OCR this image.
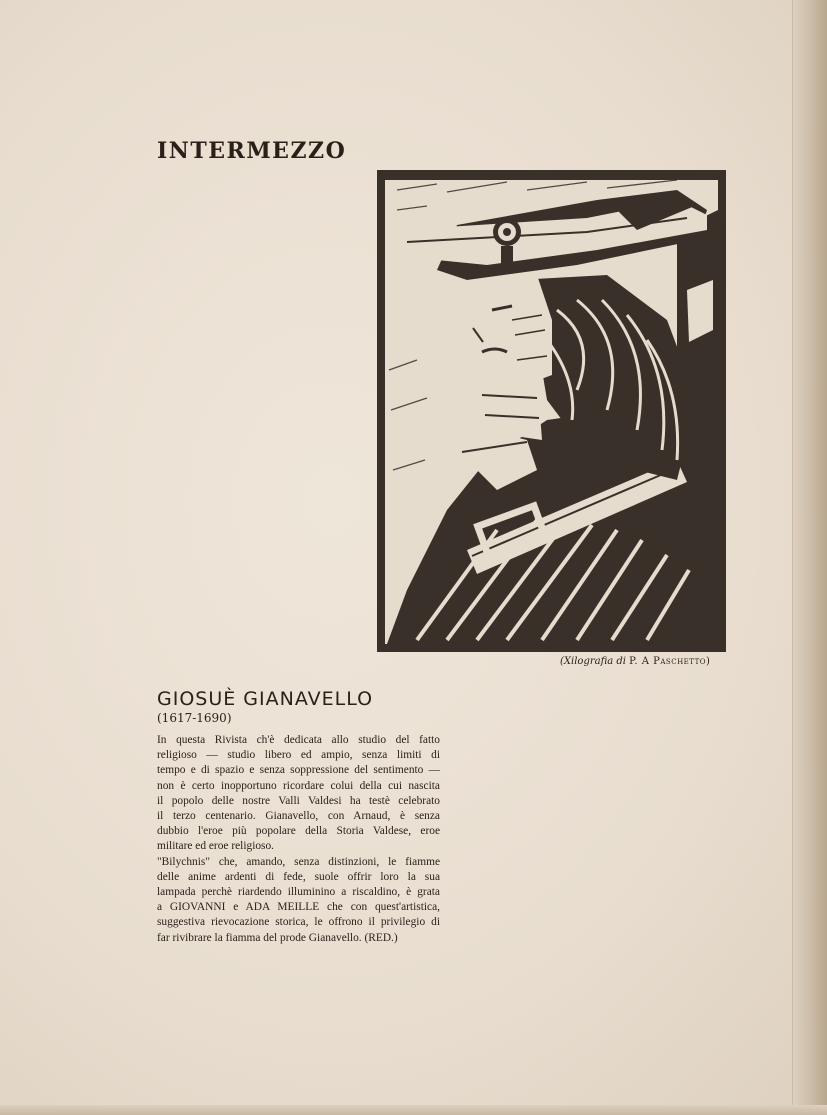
INTERMEZZO
(Xilografia di P. A Paschetto)
GIOSUÈ GIANAVELLO
(1617-1690)
In questa Rivista ch'è dedicata allo studio del fatto
religioso — studio libero ed ampio, senza limiti di
tempo e di spazio e senza soppressione del sentimento —
non è certo inopportuno ricordare colui della cui nascita
il popolo delle nostre Valli Valdesi ha testè celebrato
il terzo centenario. Gianavello, con Arnaud, è senza
dubbio l'eroe più popolare della Storia Valdese, eroe
militare ed eroe religioso.
"Bilychnis" che, amando, senza distinzioni, le fiamme
delle anime ardenti di fede, suole offrir loro la sua
lampada perchè riardendo illuminino a riscaldino, è grata
a GIOVANNI e ADA MEILLE che con quest'artistica,
suggestiva rievocazione storica, le offrono il privilegio di
far rivibrare la fiamma del prode Gianavello. (RED.)
